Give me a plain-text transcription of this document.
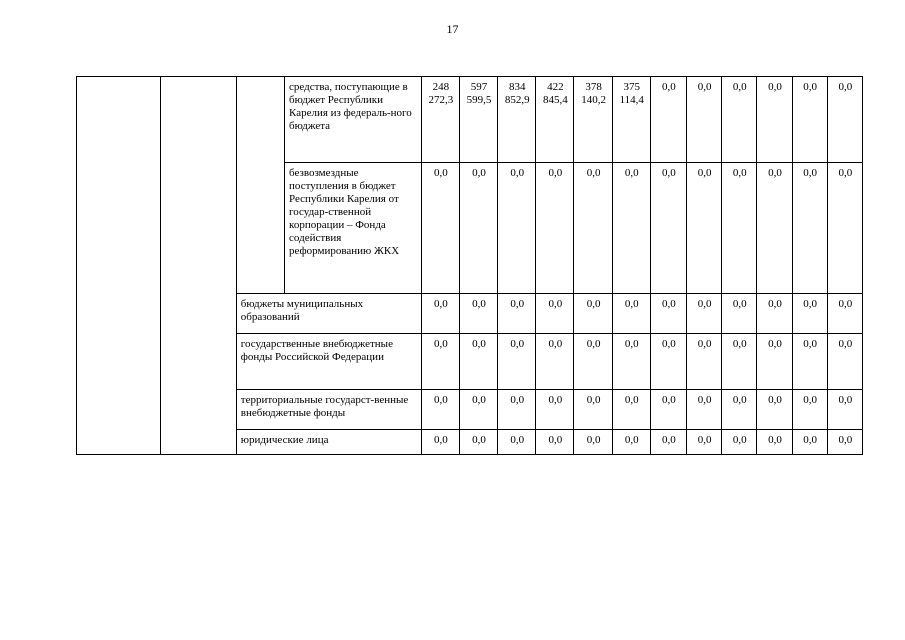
17
			средства, поступающие в бюджет Республики Карелия из федераль-ного бюджета	248 272,3	597 599,5	834 852,9	422 845,4	378 140,2	375 114,4	0,0	0,0	0,0	0,0	0,0	0,0
			безвозмездные поступления в бюджет Республики Карелия от государ-ственной корпорации – Фонда содействия реформированию ЖКХ	0,0	0,0	0,0	0,0	0,0	0,0	0,0	0,0	0,0	0,0	0,0	0,0
		бюджеты муниципальных образований		0,0	0,0	0,0	0,0	0,0	0,0	0,0	0,0	0,0	0,0	0,0	0,0
		государственные внебюджетные фонды Российской Федерации		0,0	0,0	0,0	0,0	0,0	0,0	0,0	0,0	0,0	0,0	0,0	0,0
		территориальные государст-венные внебюджетные фонды		0,0	0,0	0,0	0,0	0,0	0,0	0,0	0,0	0,0	0,0	0,0	0,0
		юридические лица		0,0	0,0	0,0	0,0	0,0	0,0	0,0	0,0	0,0	0,0	0,0	0,0
